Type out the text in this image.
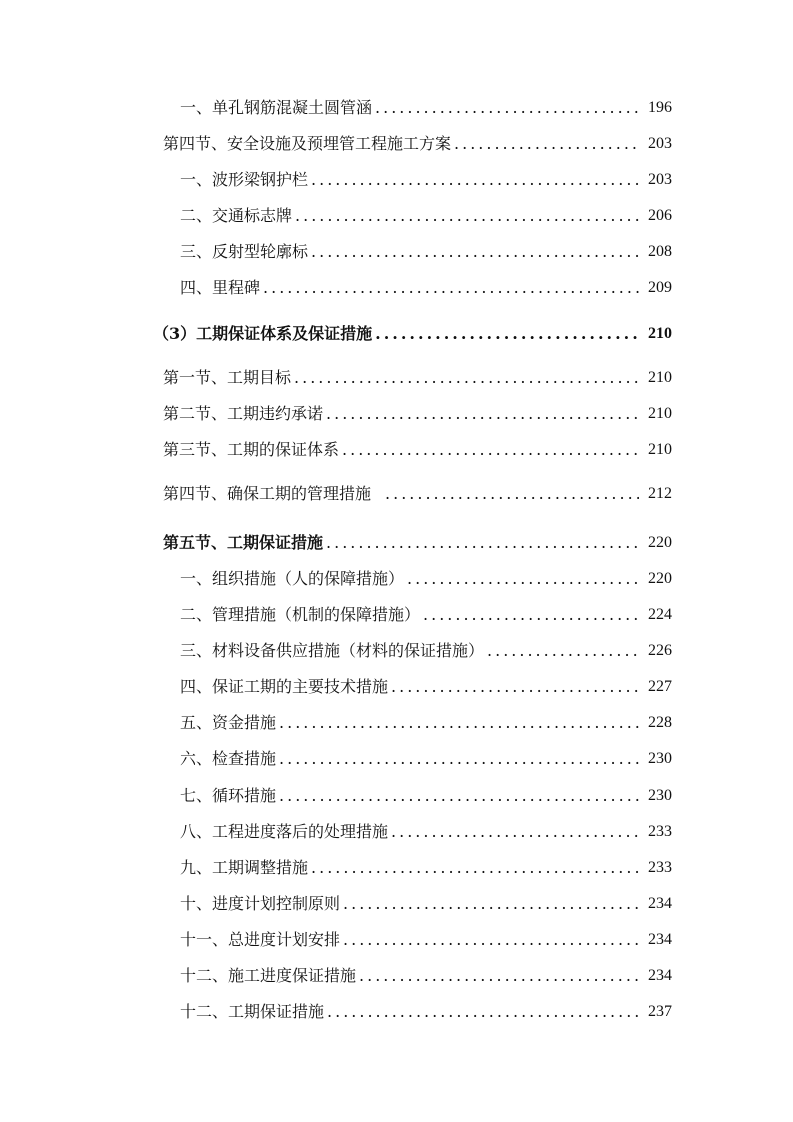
一、单孔钢筋混凝土圆管涵 .....	196
第四节、安全设施及预埋管工程施工方案 .....	203
一、波形梁钢护栏 .....	203
二、交通标志牌 .....	206
三、反射型轮廓标 .....	208
四、里程碑 .....	209
（3）工期保证体系及保证措施 .....	210
第一节、工期目标 .....	210
第二节、工期违约承诺 .....	210
第三节、工期的保证体系 .....	210
第四节、确保工期的管理措施 .....	212
第五节、工期保证措施 .....	220
一、组织措施（人的保障措施） .....	220
二、管理措施（机制的保障措施） .....	224
三、材料设备供应措施（材料的保证措施） .....	226
四、保证工期的主要技术措施 .....	227
五、资金措施 .....	228
六、检查措施 .....	230
七、循环措施 .....	230
八、工程进度落后的处理措施 .....	233
九、工期调整措施 .....	233
十、进度计划控制原则 .....	234
十一、总进度计划安排 .....	234
十二、施工进度保证措施 .....	234
十二、工期保证措施 .....	237
